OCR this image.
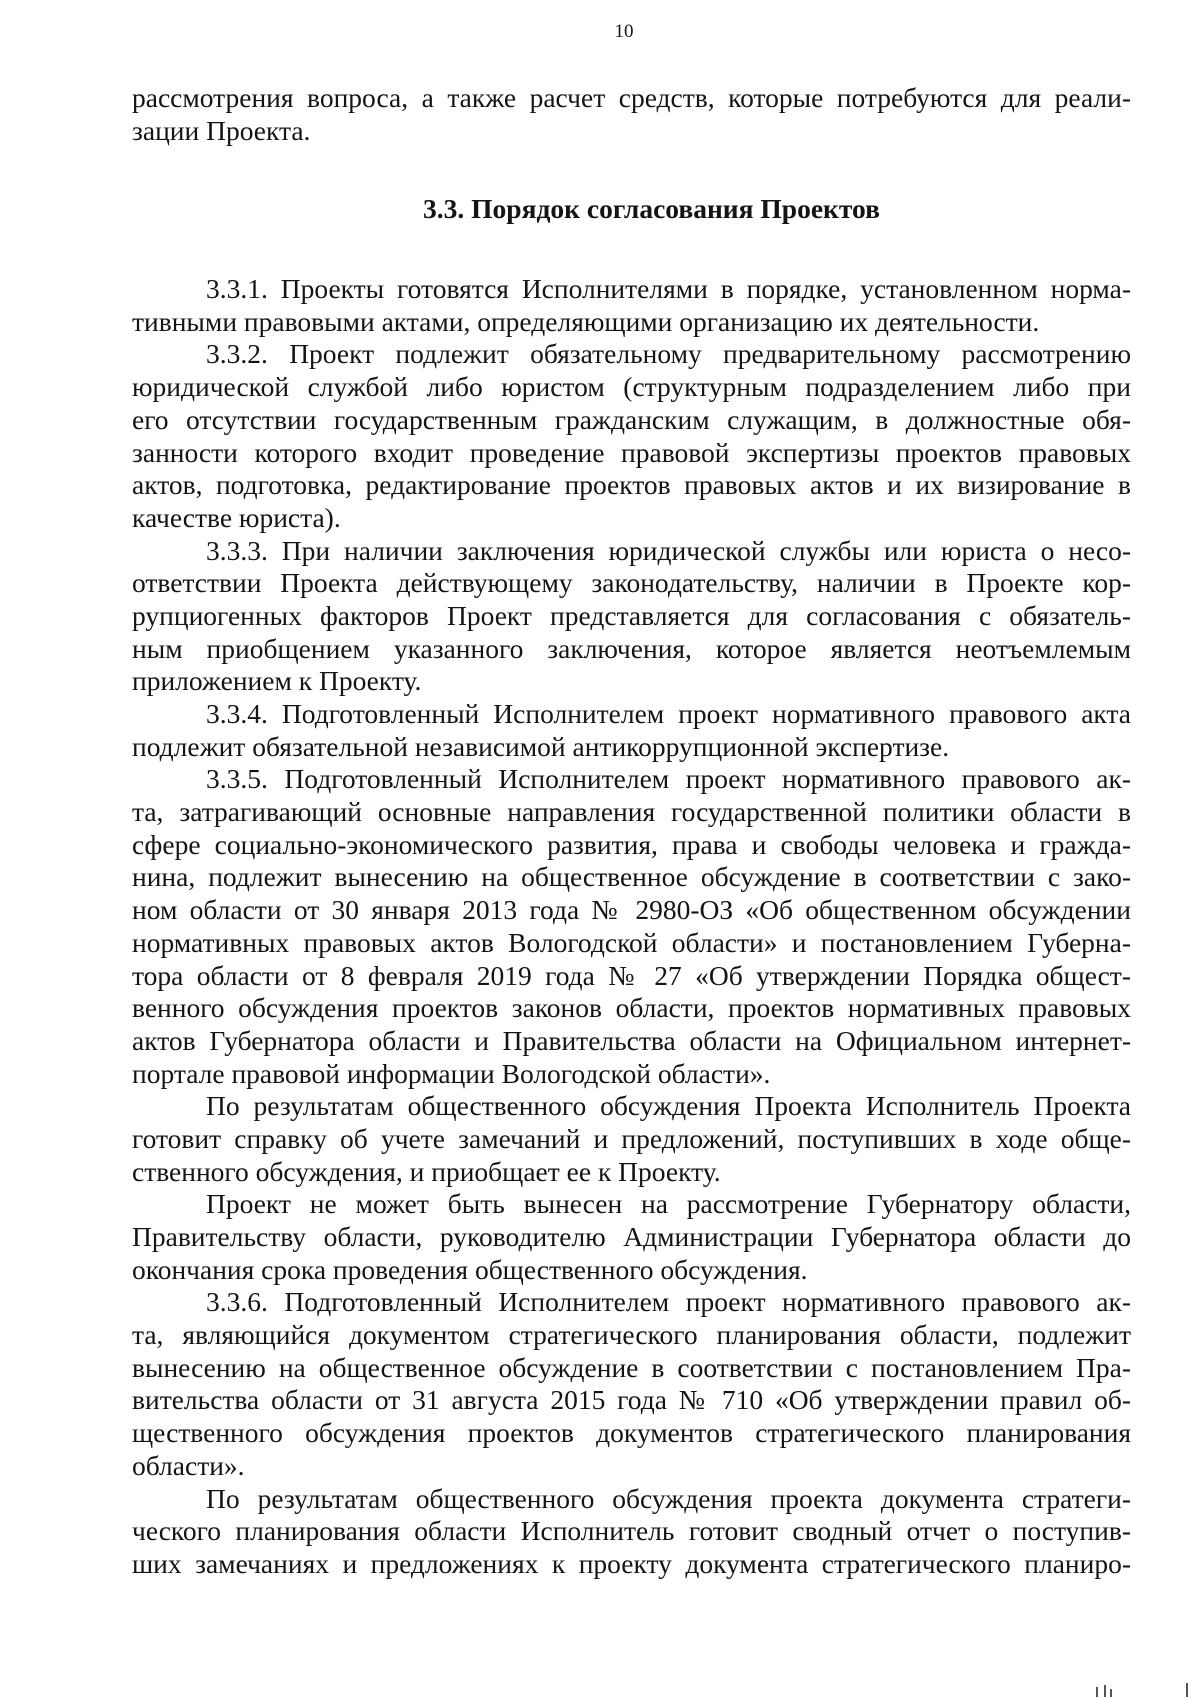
10
рассмотрения вопроса, а также расчет средств, которые потребуются для реали-
зации Проекта.
3.3. Порядок согласования Проектов
3.3.1. Проекты готовятся Исполнителями в порядке, установленном норма-
тивными правовыми актами, определяющими организацию их деятельности.
3.3.2. Проект подлежит обязательному предварительному рассмотрению
юридической службой либо юристом (структурным подразделением либо при
его отсутствии государственным гражданским служащим, в должностные обя-
занности которого входит проведение правовой экспертизы проектов правовых
актов, подготовка, редактирование проектов правовых актов и их визирование в
качестве юриста).
3.3.3. При наличии заключения юридической службы или юриста о несо-
ответствии Проекта действующему законодательству, наличии в Проекте кор-
рупциогенных факторов Проект представляется для согласования с обязатель-
ным приобщением указанного заключения, которое является неотъемлемым
приложением к Проекту.
3.3.4. Подготовленный Исполнителем проект нормативного правового акта
подлежит обязательной независимой антикоррупционной экспертизе.
3.3.5. Подготовленный Исполнителем проект нормативного правового ак-
та, затрагивающий основные направления государственной политики области в
сфере социально-экономического развития, права и свободы человека и гражда-
нина, подлежит вынесению на общественное обсуждение в соответствии с зако-
ном области от 30 января 2013 года № 2980-ОЗ «Об общественном обсуждении
нормативных правовых актов Вологодской области» и постановлением Губерна-
тора области от 8 февраля 2019 года № 27 «Об утверждении Порядка общест-
венного обсуждения проектов законов области, проектов нормативных правовых
актов Губернатора области и Правительства области на Официальном интернет-
портале правовой информации Вологодской области».
По результатам общественного обсуждения Проекта Исполнитель Проекта
готовит справку об учете замечаний и предложений, поступивших в ходе обще-
ственного обсуждения, и приобщает ее к Проекту.
Проект не может быть вынесен на рассмотрение Губернатору области,
Правительству области, руководителю Администрации Губернатора области до
окончания срока проведения общественного обсуждения.
3.3.6. Подготовленный Исполнителем проект нормативного правового ак-
та, являющийся документом стратегического планирования области, подлежит
вынесению на общественное обсуждение в соответствии с постановлением Пра-
вительства области от 31 августа 2015 года № 710 «Об утверждении правил об-
щественного обсуждения проектов документов стратегического планирования
области».
По результатам общественного обсуждения проекта документа стратеги-
ческого планирования области Исполнитель готовит сводный отчет о поступив-
ших замечаниях и предложениях к проекту документа стратегического планиро-
